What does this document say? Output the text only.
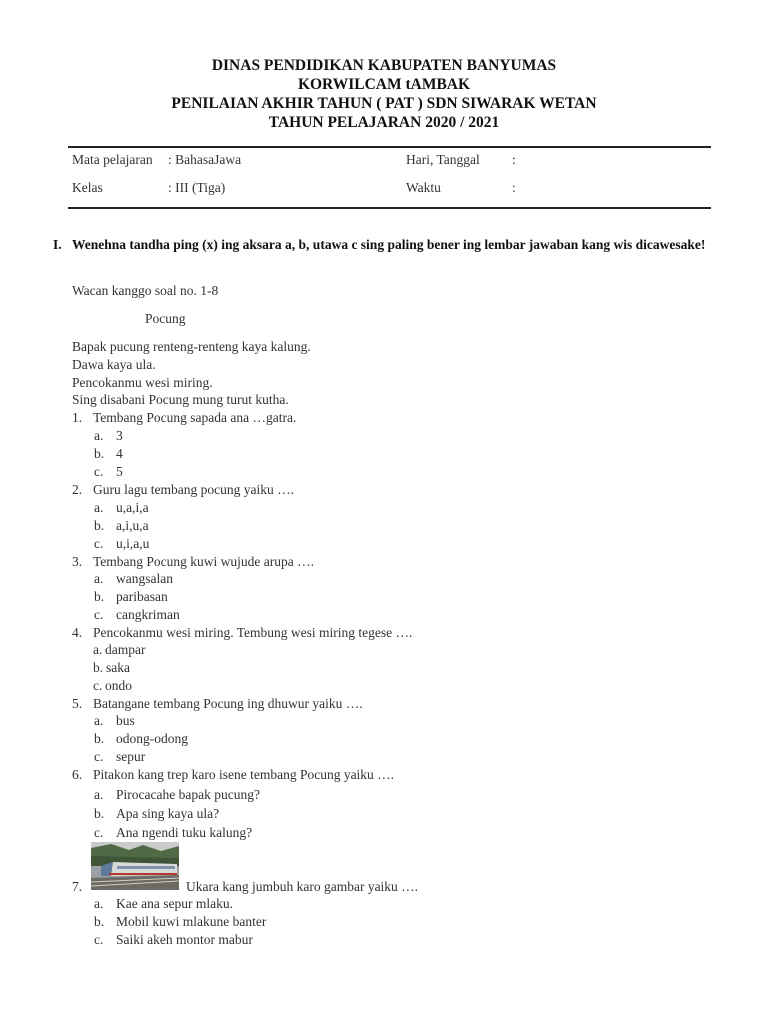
DINAS PENDIDIKAN KABUPATEN BANYUMAS
KORWILCAM tAMBAK
PENILAIAN AKHIR TAHUN ( PAT ) SDN SIWARAK WETAN
TAHUN PELAJARAN 2020 / 2021
Mata pelajaran : BahasaJawa	Hari, Tanggal :
Kelas	: III (Tiga)	Waktu	:
I. Wenehna tandha ping (x) ing aksara a, b, utawa c sing paling bener ing lembar jawaban kang wis dicawesake!
Wacan kanggo soal no. 1-8
Pocung
Bapak pucung renteng-renteng kaya kalung.
Dawa kaya ula.
Pencokanmu wesi miring.
Sing disabani Pocung mung turut kutha.
1. Tembang Pocung sapada ana …gatra.
a. 3
b. 4
c. 5
2. Guru lagu tembang pocung yaiku ….
a. u,a,i,a
b. a,i,u,a
c. u,i,a,u
3. Tembang Pocung kuwi wujude arupa ….
a. wangsalan
b. paribasan
c. cangkriman
4. Pencokanmu wesi miring. Tembung wesi miring tegese ….
a. dampar
b. saka
c. ondo
5. Batangane tembang Pocung ing dhuwur yaiku ….
a. bus
b. odong-odong
c. sepur
6. Pitakon kang trep karo isene tembang Pocung yaiku ….
a. Pirocacahe bapak pucung?
b. Apa sing kaya ula?
c. Ana ngendi tuku kalung?
7.	Ukara kang jumbuh karo gambar yaiku ….
a. Kae ana sepur mlaku.
b. Mobil kuwi mlakune banter
c. Saiki akeh montor mabur
